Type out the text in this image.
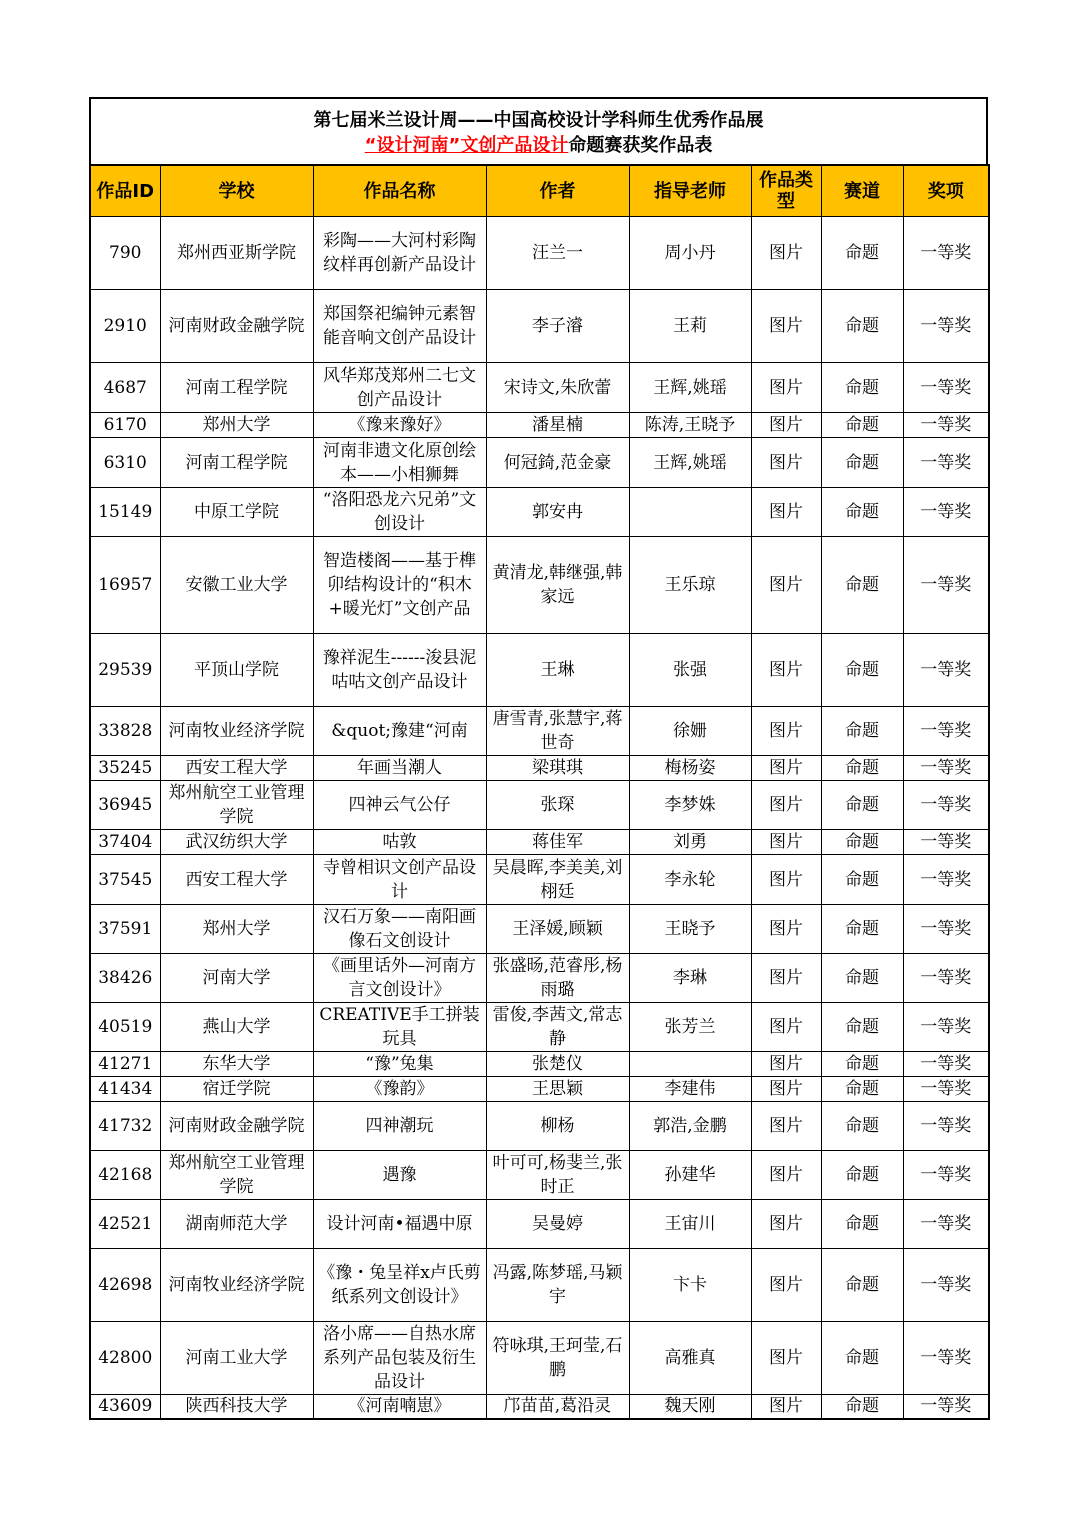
第七届米兰设计周——中国高校设计学科师生优秀作品展
“设计河南”文创产品设计命题赛获奖作品表
作品ID	学校	作品名称	作者	指导老师	作品类型	赛道	奖项
790	郑州西亚斯学院	彩陶——大河村彩陶纹样再创新产品设计	汪兰一	周小丹	图片	命题	一等奖
2910	河南财政金融学院	郑国祭祀编钟元素智能音响文创产品设计	李子濬	王莉	图片	命题	一等奖
4687	河南工程学院	风华郑茂郑州二七文创产品设计	宋诗文,朱欣蕾	王辉,姚瑶	图片	命题	一等奖
6170	郑州大学	《豫来豫好》	潘星楠	陈涛,王晓予	图片	命题	一等奖
6310	河南工程学院	河南非遗文化原创绘本——小相狮舞	何冠錡,范金豪	王辉,姚瑶	图片	命题	一等奖
15149	中原工学院	“洛阳恐龙六兄弟”文创设计	郭安冉		图片	命题	一等奖
16957	安徽工业大学	智造楼阁——基于榫卯结构设计的“积木+暖光灯”文创产品	黄清龙,韩继强,韩家远	王乐琼	图片	命题	一等奖
29539	平顶山学院	豫祥泥生------浚县泥咕咕文创产品设计	王琳	张强	图片	命题	一等奖
33828	河南牧业经济学院	&quot;豫建“河南	唐雪青,张慧宇,蒋世奇	徐姗	图片	命题	一等奖
35245	西安工程大学	年画当潮人	梁琪琪	梅杨姿	图片	命题	一等奖
36945	郑州航空工业管理学院	四神云气公仔	张琛	李梦姝	图片	命题	一等奖
37404	武汉纺织大学	咕敦	蒋佳军	刘勇	图片	命题	一等奖
37545	西安工程大学	寺曾相识文创产品设计	吴晨晖,李美美,刘栩廷	李永轮	图片	命题	一等奖
37591	郑州大学	汉石万象——南阳画像石文创设计	王泽媛,顾颖	王晓予	图片	命题	一等奖
38426	河南大学	《画里话外—河南方言文创设计》	张盛旸,范睿彤,杨雨璐	李琳	图片	命题	一等奖
40519	燕山大学	CREATIVE手工拼装玩具	雷俊,李茜文,常志静	张芳兰	图片	命题	一等奖
41271	东华大学	“豫”兔集	张楚仪		图片	命题	一等奖
41434	宿迁学院	《豫韵》	王思颖	李建伟	图片	命题	一等奖
41732	河南财政金融学院	四神潮玩	柳杨	郭浩,金鹏	图片	命题	一等奖
42168	郑州航空工业管理学院	遇豫	叶可可,杨斐兰,张时正	孙建华	图片	命题	一等奖
42521	湖南师范大学	设计河南•福遇中原	吴曼婷	王宙川	图片	命题	一等奖
42698	河南牧业经济学院	《豫・兔呈祥x卢氏剪纸系列文创设计》	冯露,陈梦瑶,马颖宇	卞卡	图片	命题	一等奖
42800	河南工业大学	洛小席——自热水席系列产品包装及衍生品设计	符咏琪,王珂莹,石鹏	高雅真	图片	命题	一等奖
43609	陕西科技大学	《河南喃崽》	邝苗苗,葛沿灵	魏天刚	图片	命题	一等奖
